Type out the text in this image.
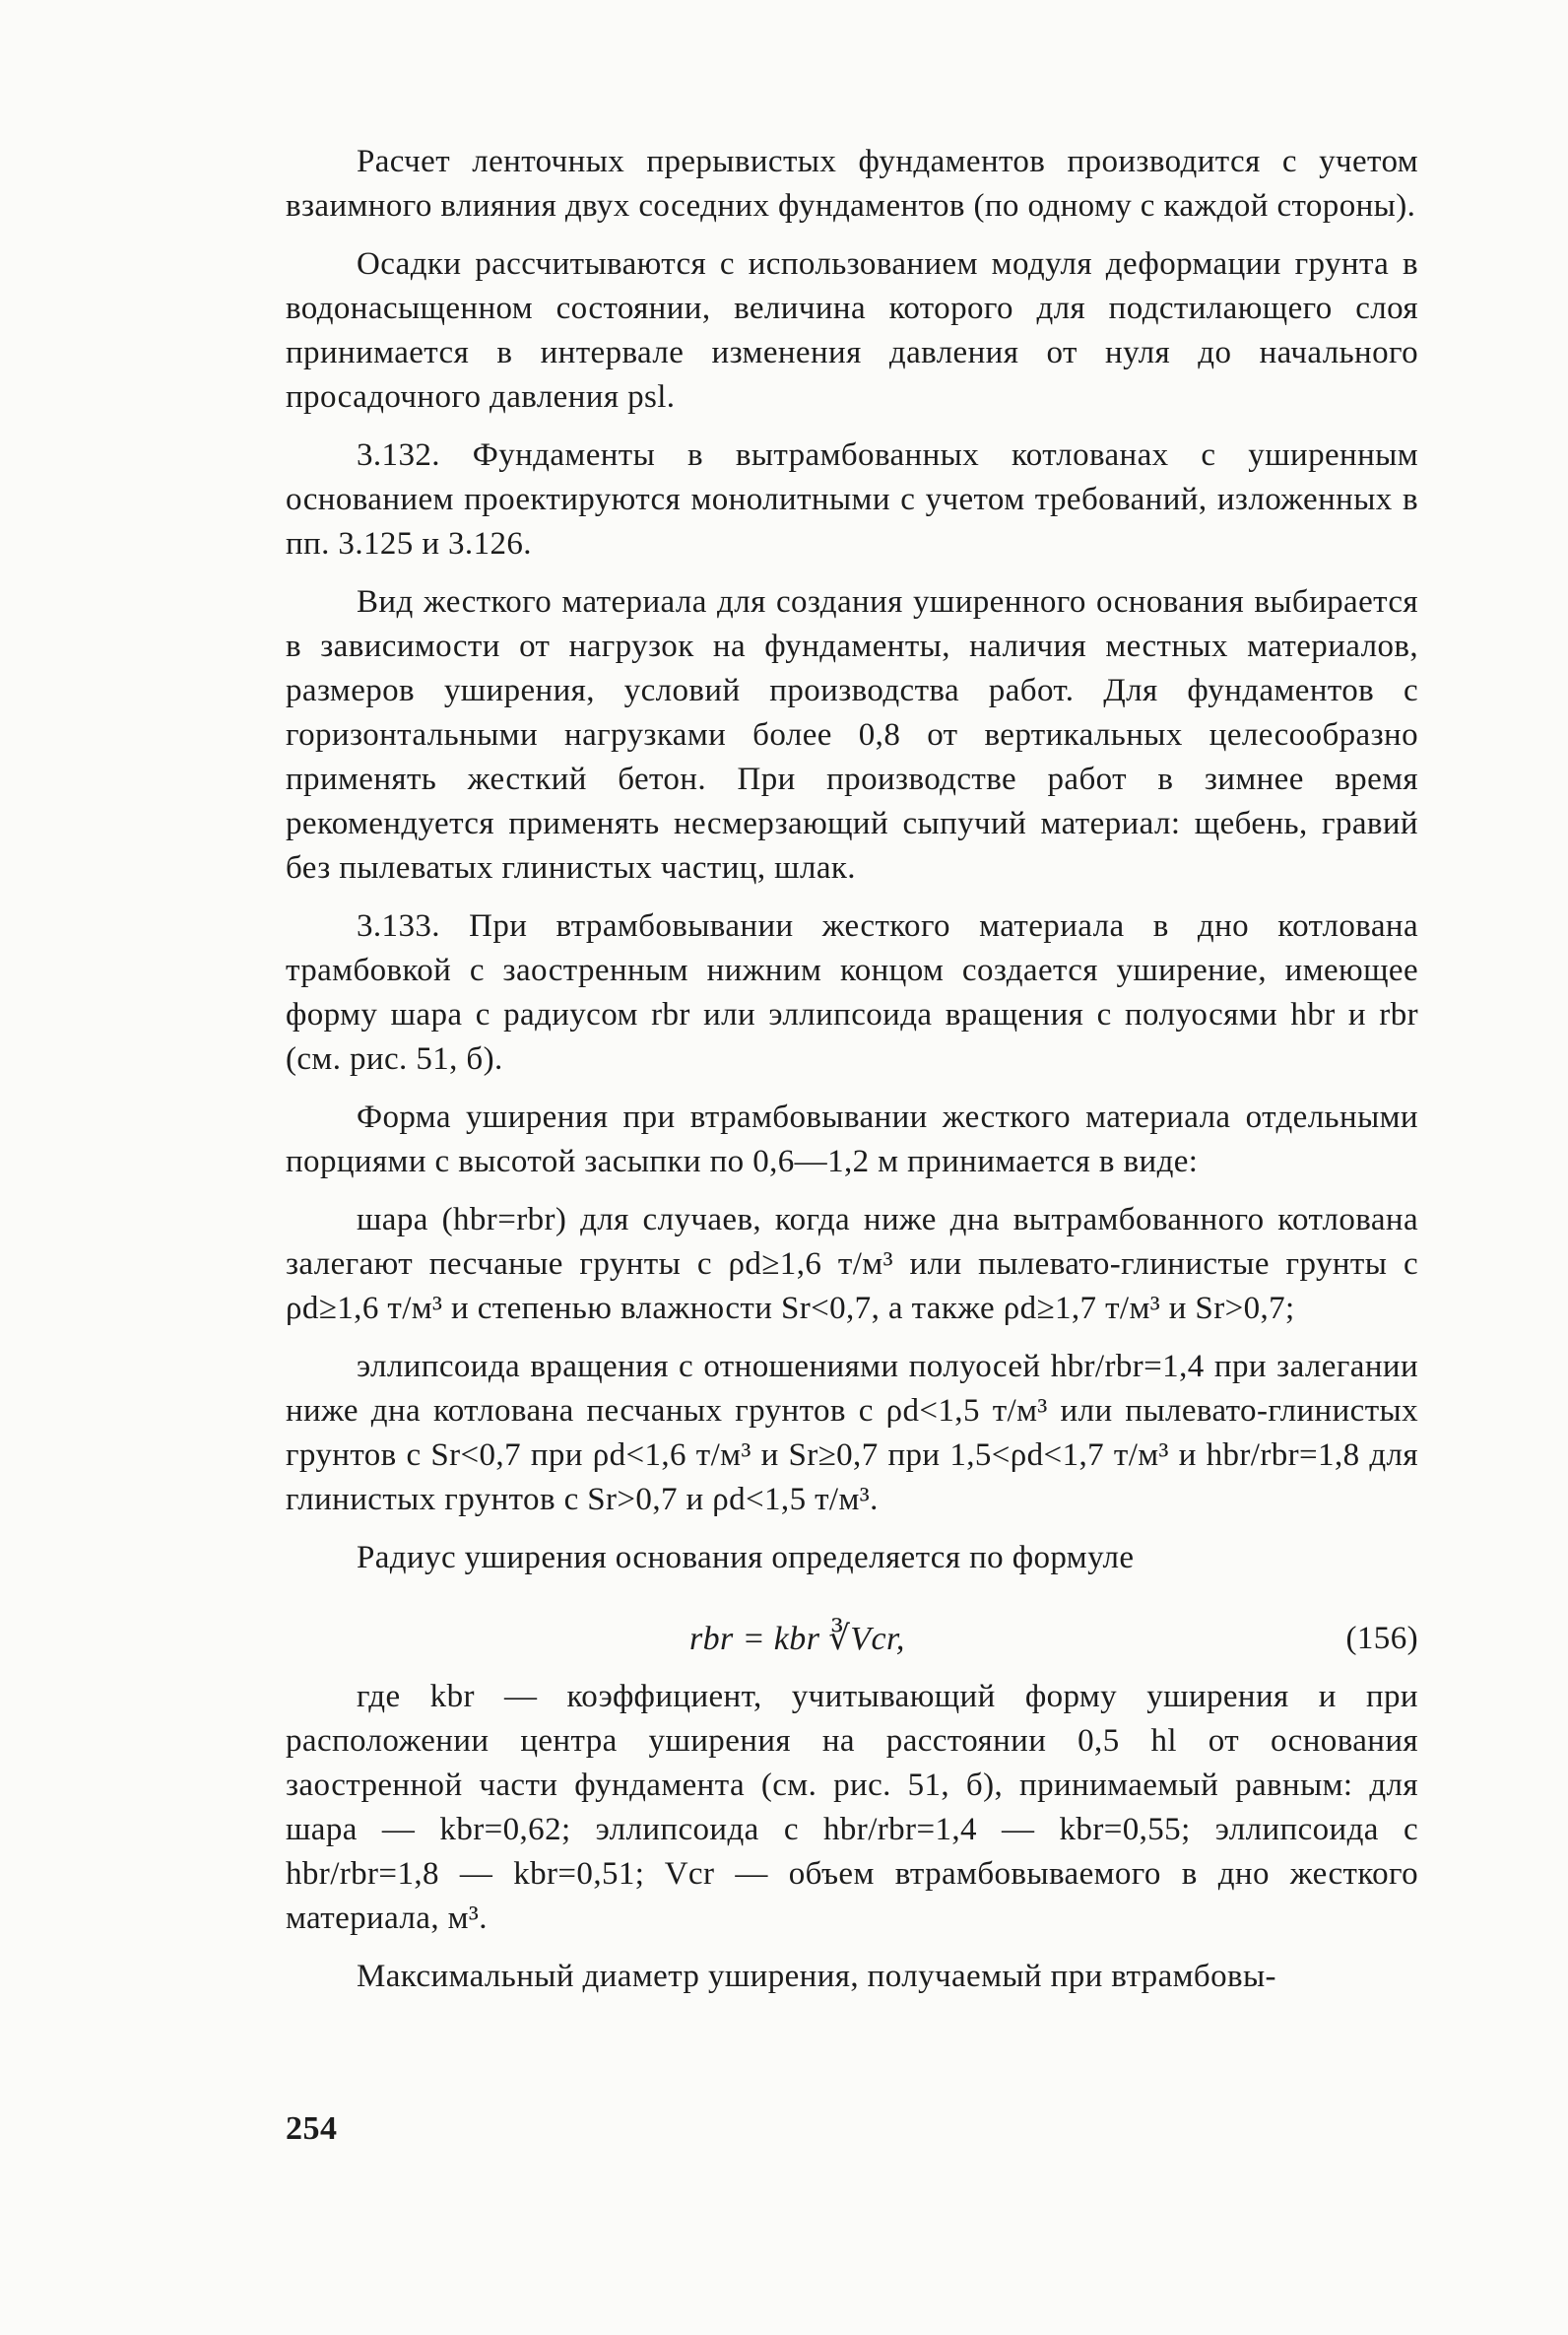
Расчет ленточных прерывистых фундаментов производится с учетом взаимного влияния двух соседних фундаментов (по одному с каждой стороны).

Осадки рассчитываются с использованием модуля деформации грунта в водонасыщенном состоянии, величина которого для подстилающего слоя принимается в интервале изменения давления от нуля до начального просадочного давления psl.

3.132. Фундаменты в вытрамбованных котлованах с уширенным основанием проектируются монолитными с учетом требований, изложенных в пп. 3.125 и 3.126.

Вид жесткого материала для создания уширенного основания выбирается в зависимости от нагрузок на фундаменты, наличия местных материалов, размеров уширения, условий производства работ. Для фундаментов с горизонтальными нагрузками более 0,8 от вертикальных целесообразно применять жесткий бетон. При производстве работ в зимнее время рекомендуется применять несмерзающий сыпучий материал: щебень, гравий без пылеватых глинистых частиц, шлак.

3.133. При втрамбовывании жесткого материала в дно котлована трамбовкой с заостренным нижним концом создается уширение, имеющее форму шара с радиусом rbr или эллипсоида вращения с полуосями hbr и rbr (см. рис. 51, б).

Форма уширения при втрамбовывании жесткого материала отдельными порциями с высотой засыпки по 0,6—1,2 м принимается в виде:

шара (hbr=rbr) для случаев, когда ниже дна вытрамбованного котлована залегают песчаные грунты с ρd≥1,6 т/м³ или пылевато-глинистые грунты с ρd≥1,6 т/м³ и степенью влажности Sr<0,7, а также ρd≥1,7 т/м³ и Sr>0,7;

эллипсоида вращения с отношениями полуосей hbr/rbr=1,4 при залегании ниже дна котлована песчаных грунтов с ρd<1,5 т/м³ или пылевато-глинистых грунтов с Sr<0,7 при ρd<1,6 т/м³ и Sr≥0,7 при 1,5<ρd<1,7 т/м³ и hbr/rbr=1,8 для глинистых грунтов с Sr>0,7 и ρd<1,5 т/м³.

Радиус уширения основания определяется по формуле

rbr = kbr ∛Vcr,	(156)

где kbr — коэффициент, учитывающий форму уширения и при расположении центра уширения на расстоянии 0,5 hl от основания заостренной части фундамента (см. рис. 51, б), принимаемый равным: для шара — kbr=0,62; эллипсоида с hbr/rbr=1,4 — kbr=0,55; эллипсоида с hbr/rbr=1,8 — kbr=0,51; Vcr — объем втрамбовываемого в дно жесткого материала, м³.

Максимальный диаметр уширения, получаемый при втрамбовы-

254
